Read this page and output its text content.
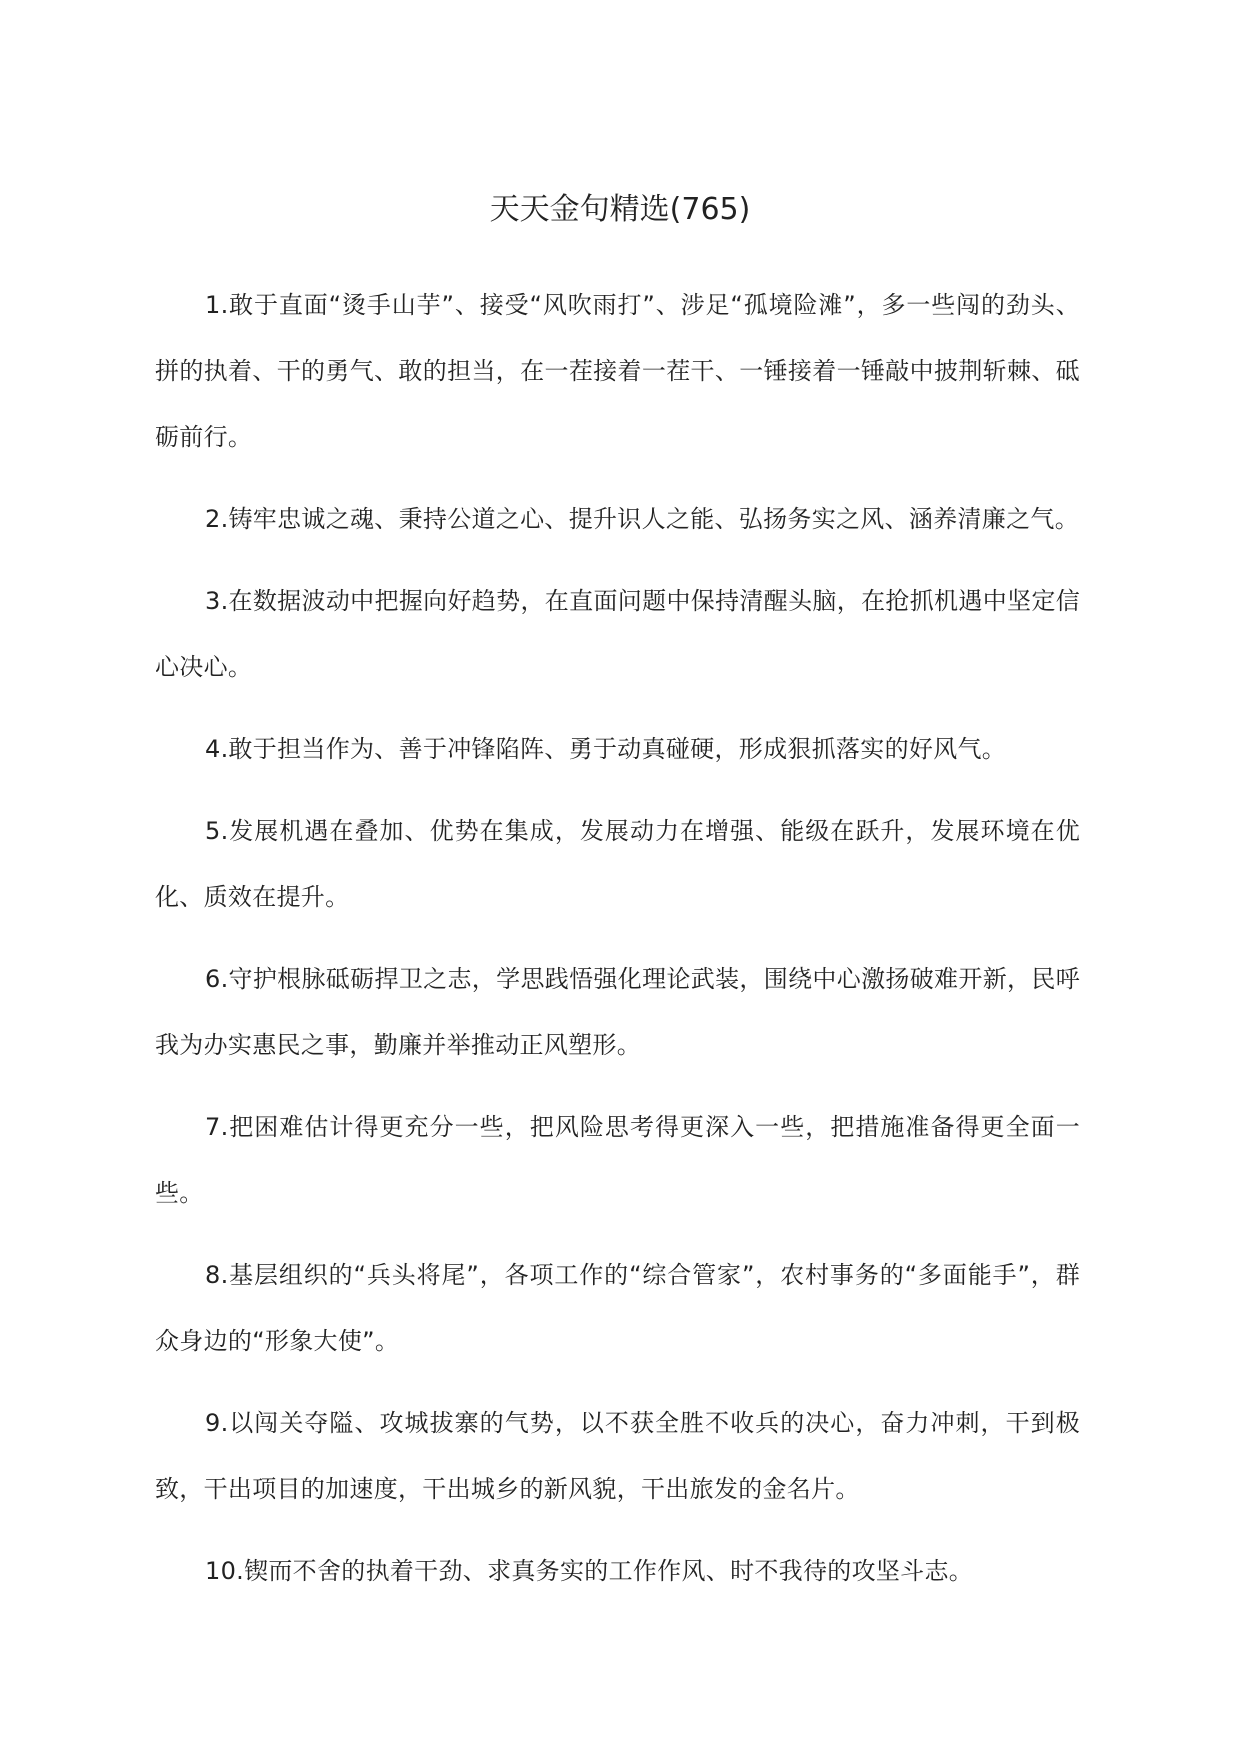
天天金句精选(765)

1.敢于直面“烫手山芋”、接受“风吹雨打”、涉足“孤境险滩”，多一些闯的劲头、拼的执着、干的勇气、敢的担当，在一茬接着一茬干、一锤接着一锤敲中披荆斩棘、砥砺前行。

2.铸牢忠诚之魂、秉持公道之心、提升识人之能、弘扬务实之风、涵养清廉之气。

3.在数据波动中把握向好趋势，在直面问题中保持清醒头脑，在抢抓机遇中坚定信心决心。

4.敢于担当作为、善于冲锋陷阵、勇于动真碰硬，形成狠抓落实的好风气。

5.发展机遇在叠加、优势在集成，发展动力在增强、能级在跃升，发展环境在优化、质效在提升。

6.守护根脉砥砺捍卫之志，学思践悟强化理论武装，围绕中心激扬破难开新，民呼我为办实惠民之事，勤廉并举推动正风塑形。

7.把困难估计得更充分一些，把风险思考得更深入一些，把措施准备得更全面一些。

8.基层组织的“兵头将尾”，各项工作的“综合管家”，农村事务的“多面能手”，群众身边的“形象大使”。

9.以闯关夺隘、攻城拔寨的气势，以不获全胜不收兵的决心，奋力冲刺，干到极致，干出项目的加速度，干出城乡的新风貌，干出旅发的金名片。

10.锲而不舍的执着干劲、求真务实的工作作风、时不我待的攻坚斗志。
